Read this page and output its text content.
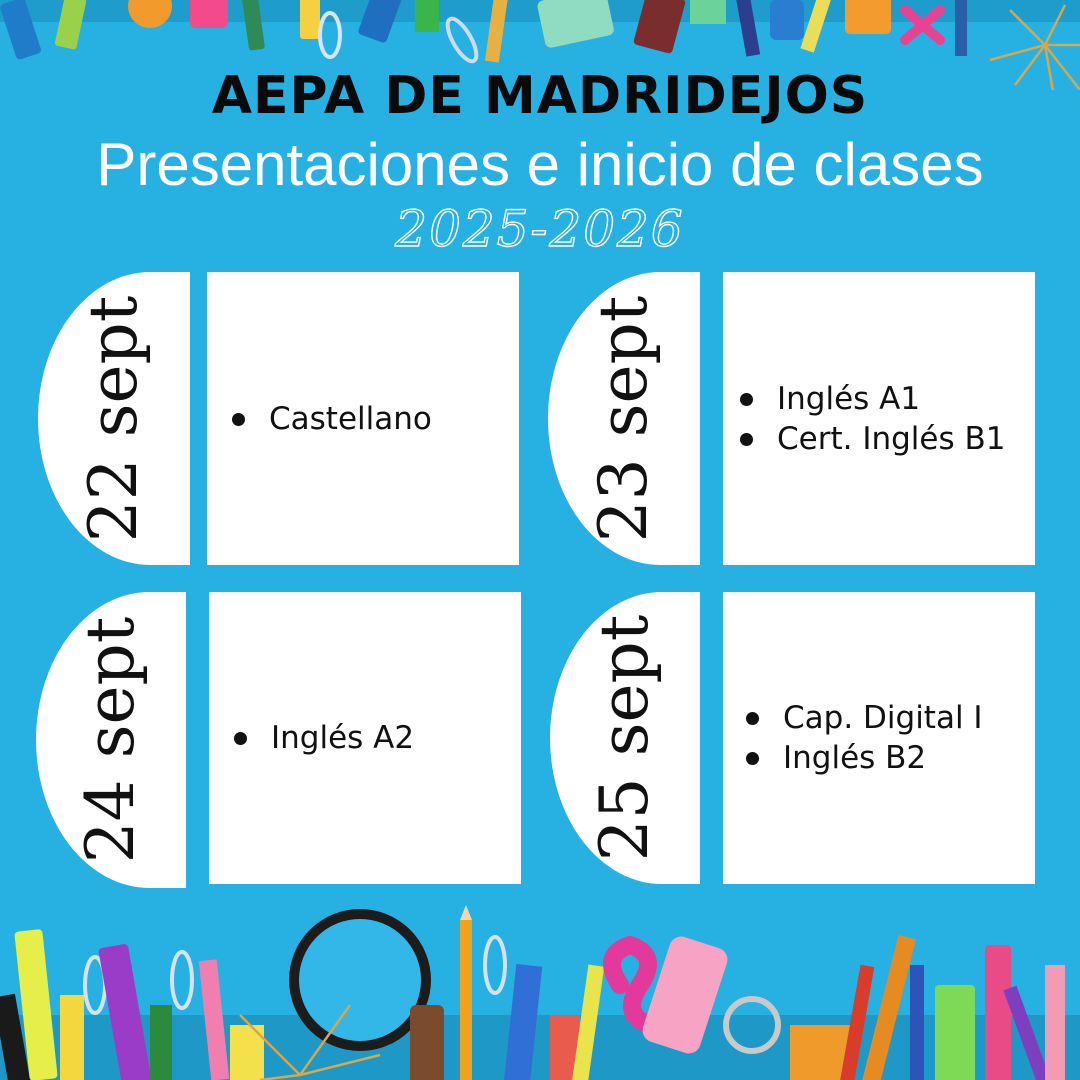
AEPA DE MADRIDEJOS
Presentaciones e inicio de clases
2025-2026
22 sept	Castellano 23 sept	Inglés A1
Cert. Inglés B1
24 sept	Inglés A2	25 sept	Cap. Digital I
Inglés B2
